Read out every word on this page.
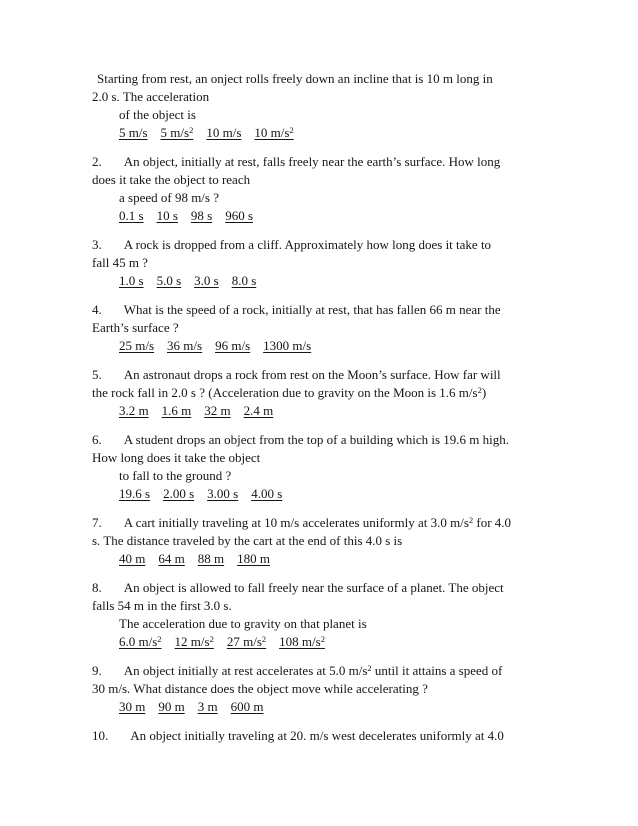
Starting from rest, an onject rolls freely down an incline that is 10 m long in
2.0 s. The acceleration
of the object is
5 m/s 5 $m/s^2$ 10 m/s 10 $m/s^2$
2. An object, initially at rest, falls freely near the earth’s surface. How long
does it take the object to reach
a speed of 98 m/s ?
0.1 s 10 s 98 s 960 s
3. A rock is dropped from a cliff. Approximately how long does it take to
fall 45 m ?
1.0 s 5.0 s 3.0 s 8.0 s
4. What is the speed of a rock, initially at rest, that has fallen 66 m near the
Earth’s surface ?
25 m/s 36 m/s 96 m/s 1300 m/s
5. An astronaut drops a rock from rest on the Moon’s surface. How far will
the rock fall in 2.0 s ? (Acceleration due to gravity on the Moon is 1.6 $m/s^2$)
3.2 m 1.6 m 32 m 2.4 m
6. A student drops an object from the top of a building which is 19.6 m high.
How long does it take the object
to fall to the ground ?
19.6 s 2.00 s 3.00 s 4.00 s
7. A cart initially traveling at 10 m/s accelerates uniformly at 3.0 $m/s^2$ for 4.0
s. The distance traveled by the cart at the end of this 4.0 s is
40 m 64 m 88 m 180 m
8. An object is allowed to fall freely near the surface of a planet. The object
falls 54 m in the first 3.0 s.
The acceleration due to gravity on that planet is
6.0 $m/s^2$ 12 $m/s^2$ 27 $m/s^2$ 108 $m/s^2$
9. An object initially at rest accelerates at 5.0 $m/s^2$ until it attains a speed of
30 m/s. What distance does the object move while accelerating ?
30 m 90 m 3 m 600 m
10. An object initially traveling at 20. m/s west decelerates uniformly at 4.0
